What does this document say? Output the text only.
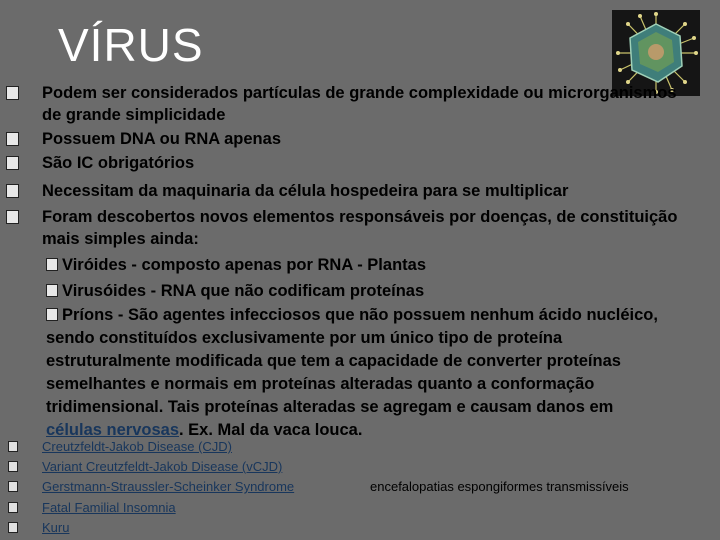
VÍRUS
Podem ser considerados partículas de grande complexidade ou microrganismos de grande simplicidade
Possuem DNA ou RNA apenas
São IC obrigatórios
Necessitam da maquinaria da célula hospedeira para se multiplicar
Foram descobertos novos elementos responsáveis por doenças, de constituição mais simples ainda:
Viróides - composto apenas por RNA - Plantas
Virusóides - RNA que não codificam proteínas
Príons - São agentes infecciosos que não possuem nenhum ácido nucléico, sendo constituídos exclusivamente por um único tipo de proteína estruturalmente modificada que tem a capacidade de converter proteínas semelhantes e normais em proteínas alteradas quanto a conformação tridimensional. Tais proteínas alteradas se agregam e causam danos em células nervosas. Ex. Mal da vaca louca.
Creutzfeldt-Jakob Disease (CJD)
Variant Creutzfeldt-Jakob Disease (vCJD)
Gerstmann-Straussler-Scheinker Syndrome
Fatal Familial Insomnia
Kuru
encefalopatias espongiformes transmissíveis
